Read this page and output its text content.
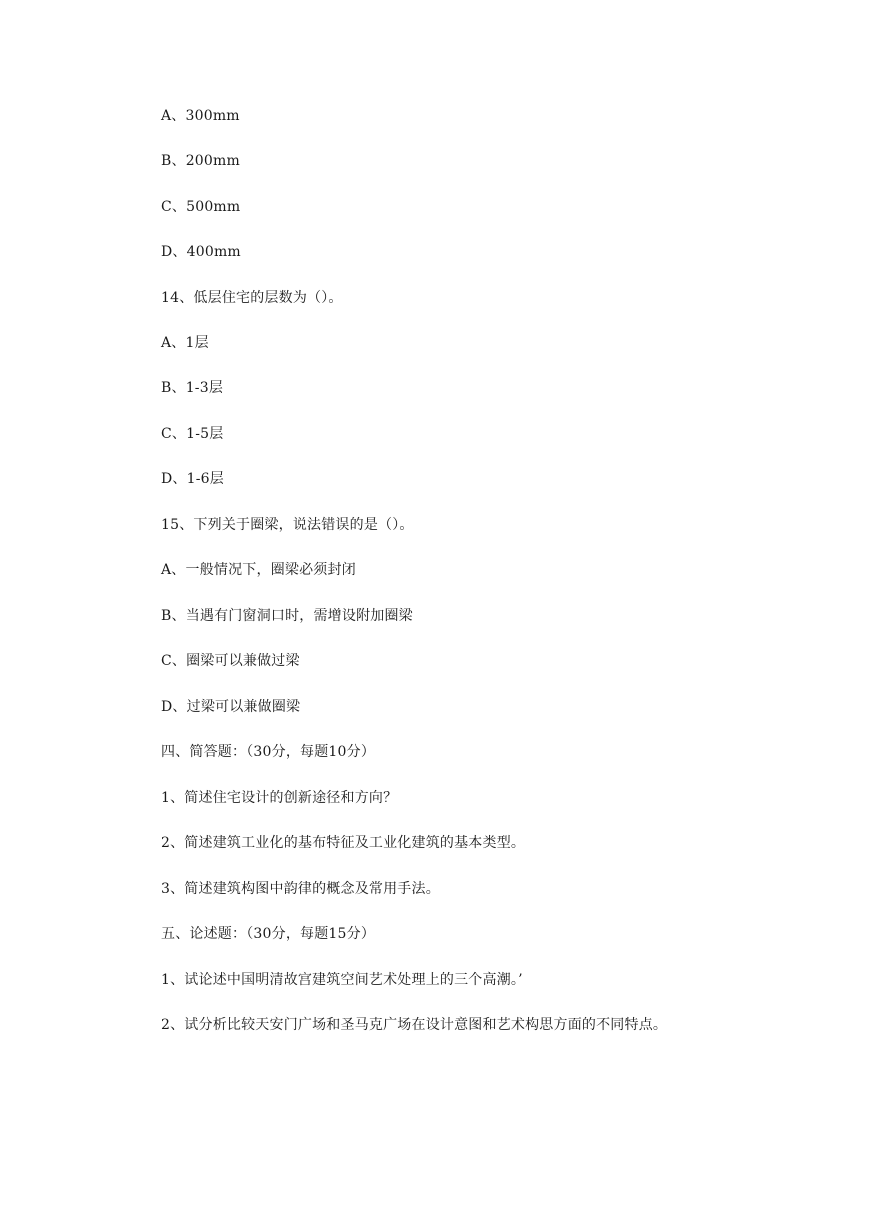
A、300mm
B、200mm
C、500mm
D、400mm
14、低层住宅的层数为（）。
A、1层
B、1-3层
C、1-5层
D、1-6层
15、下列关于圈梁，说法错误的是（）。
A、一般情况下，圈梁必须封闭
B、当遇有门窗洞口时，需增设附加圈梁
C、圈梁可以兼做过梁
D、过梁可以兼做圈梁
四、简答题：（30分，每题10分）
1、简述住宅设计的创新途径和方向？
2、简述建筑工业化的基布特征及工业化建筑的基本类型。
3、简述建筑构图中韵律的概念及常用手法。
五、论述题：（30分，每题15分）
1、试论述中国明清故宫建筑空间艺术处理上的三个高潮。’
2、试分析比较天安门广场和圣马克广场在设计意图和艺术构思方面的不同特点。
